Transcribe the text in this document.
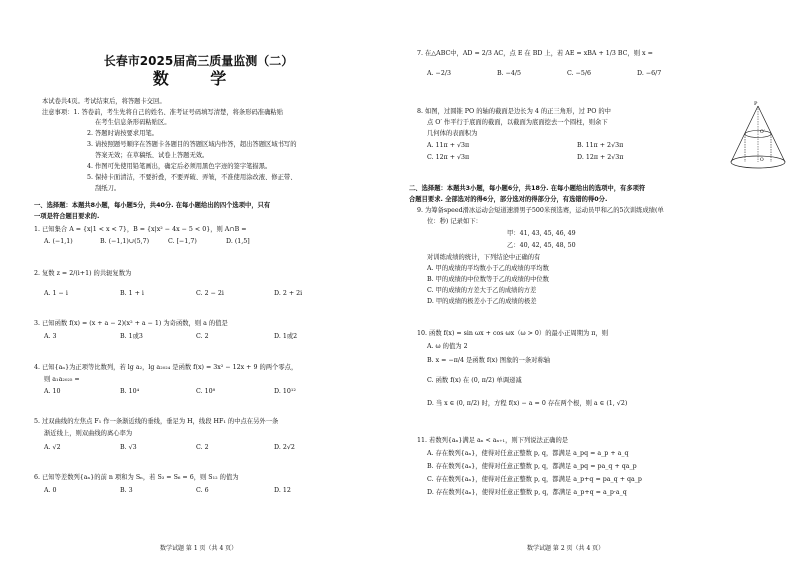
长春市2025届高三质量监测（二）
数 学
本试卷共4页。考试结束后，将答题卡交回。
注意事项：1. 答卷前，考生先将自己的姓名、准考证号码填写清楚，将条形码准确粘贴
在考生信息条形码粘贴区。
2. 答题时请按要求用笔。
3. 请按照题号顺序在答题卡各题目的答题区域内作答，超出答题区域书写的
答案无效；在草稿纸、试卷上答题无效。
4. 作图可先使用铅笔画出，确定后必须用黑色字迹的签字笔描黑。
5. 保持卡面清洁，不要折叠，不要弄破、弄皱，不准使用涂改液、修正带、
刮纸刀。
一、选择题：本题共8小题，每小题5分，共40分. 在每小题给出的四个选项中，只有
一项是符合题目要求的.
1. 已知集合 A = {x|1 < x < 7}，B = {x|x² − 4x − 5 < 0}，则 A∩B =
A. (−1,1)	B. (−1,1)∪(5,7)	C. [−1,7)	D. (1,5]
2. 复数 z = 2/(i+1) 的共轭复数为
A. 1 − i	B. 1 + i	C. 2 − 2i	D. 2 + 2i
3. 已知函数 f(x) = (x + a − 2)(x² + a − 1) 为奇函数，则 a 的值是
A. 3	B. 1或3	C. 2	D. 1或2
4. 已知{aₙ}为正项等比数列，若 lg a₂，lg a₂₀₂₄ 是函数 f(x) = 3x² − 12x + 9 的两个零点，
则 a₁a₂₀₂₅ =
A. 10	B. 10⁴	C. 10⁸	D. 10¹²
5. 过双曲线的左焦点 F₁ 作一条渐近线的垂线，垂足为 H，线段 HF₁ 的中点在另外一条
渐近线上，则双曲线的离心率为
A. √2	B. √3	C. 2	D. 2√2
6. 已知等差数列{aₙ}的前 n 项和为 Sₙ，若 S₃ = S₆ = 6，则 S₁₂ 的值为
A. 0	B. 3	C. 6	D. 12
数学试题 第 1 页（共 4 页）
7. 在△ABC中，AD = 2/3 AC，点 E 在 BD 上，若 AE = xBA + 1/3 BC，则 x =
A. −2/3	B. −4/5	C. −5/6	D. −6/7
8. 如图，过圆锥 PO 的轴的截面是边长为 4 的正三角形，过 PO 的中
点 O′ 作平行于底面的截面，以截面为底面挖去一个圆柱，则余下
几何体的表面积为
A. 11π + √3π	B. 11π + 2√3π
C. 12π + √3π	D. 12π + 2√3π
P
O′
O
二、选择题：本题共3小题，每小题6分，共18分. 在每小题给出的选项中，有多项符
合题目要求. 全部选对的得6分，部分选对的得部分分，有选错的得0分.
9. 为筹备speed滑冰运动会短道速滑男子500米预选赛，运动员甲和乙的5次训练成绩(单
位：秒) 记录如下：
甲：41, 43, 45, 46, 49
乙：40, 42, 45, 48, 50
对训练成绩的统计，下列结论中正确的有
A. 甲的成绩的平均数小于乙的成绩的平均数
B. 甲的成绩的中位数等于乙的成绩的中位数
C. 甲的成绩的方差大于乙的成绩的方差
D. 甲的成绩的极差小于乙的成绩的极差
10. 函数 f(x) = sin ωx + cos ωx（ω > 0）的最小正周期为 π，则
A. ω 的值为 2
B. x = −π/4 是函数 f(x) 图象的一条对称轴
C. 函数 f(x) 在 (0, π/2) 单调递减
D. 当 x ∈ (0, π/2) 时，方程 f(x) − a = 0 存在两个根，则 a ∈ (1, √2)
11. 若数列{aₙ}满足 aₙ < aₙ₊₁，则下列说法正确的是
A. 存在数列{aₙ}，使得对任意正整数 p, q，都满足 a_pq = a_p + a_q
B. 存在数列{aₙ}，使得对任意正整数 p, q，都满足 a_pq = pa_q + qa_p
C. 存在数列{aₙ}，使得对任意正整数 p, q，都满足 a_p+q = pa_q + qa_p
D. 存在数列{aₙ}，使得对任意正整数 p, q，都满足 a_p+q = a_p·a_q
数学试题 第 2 页（共 4 页）
